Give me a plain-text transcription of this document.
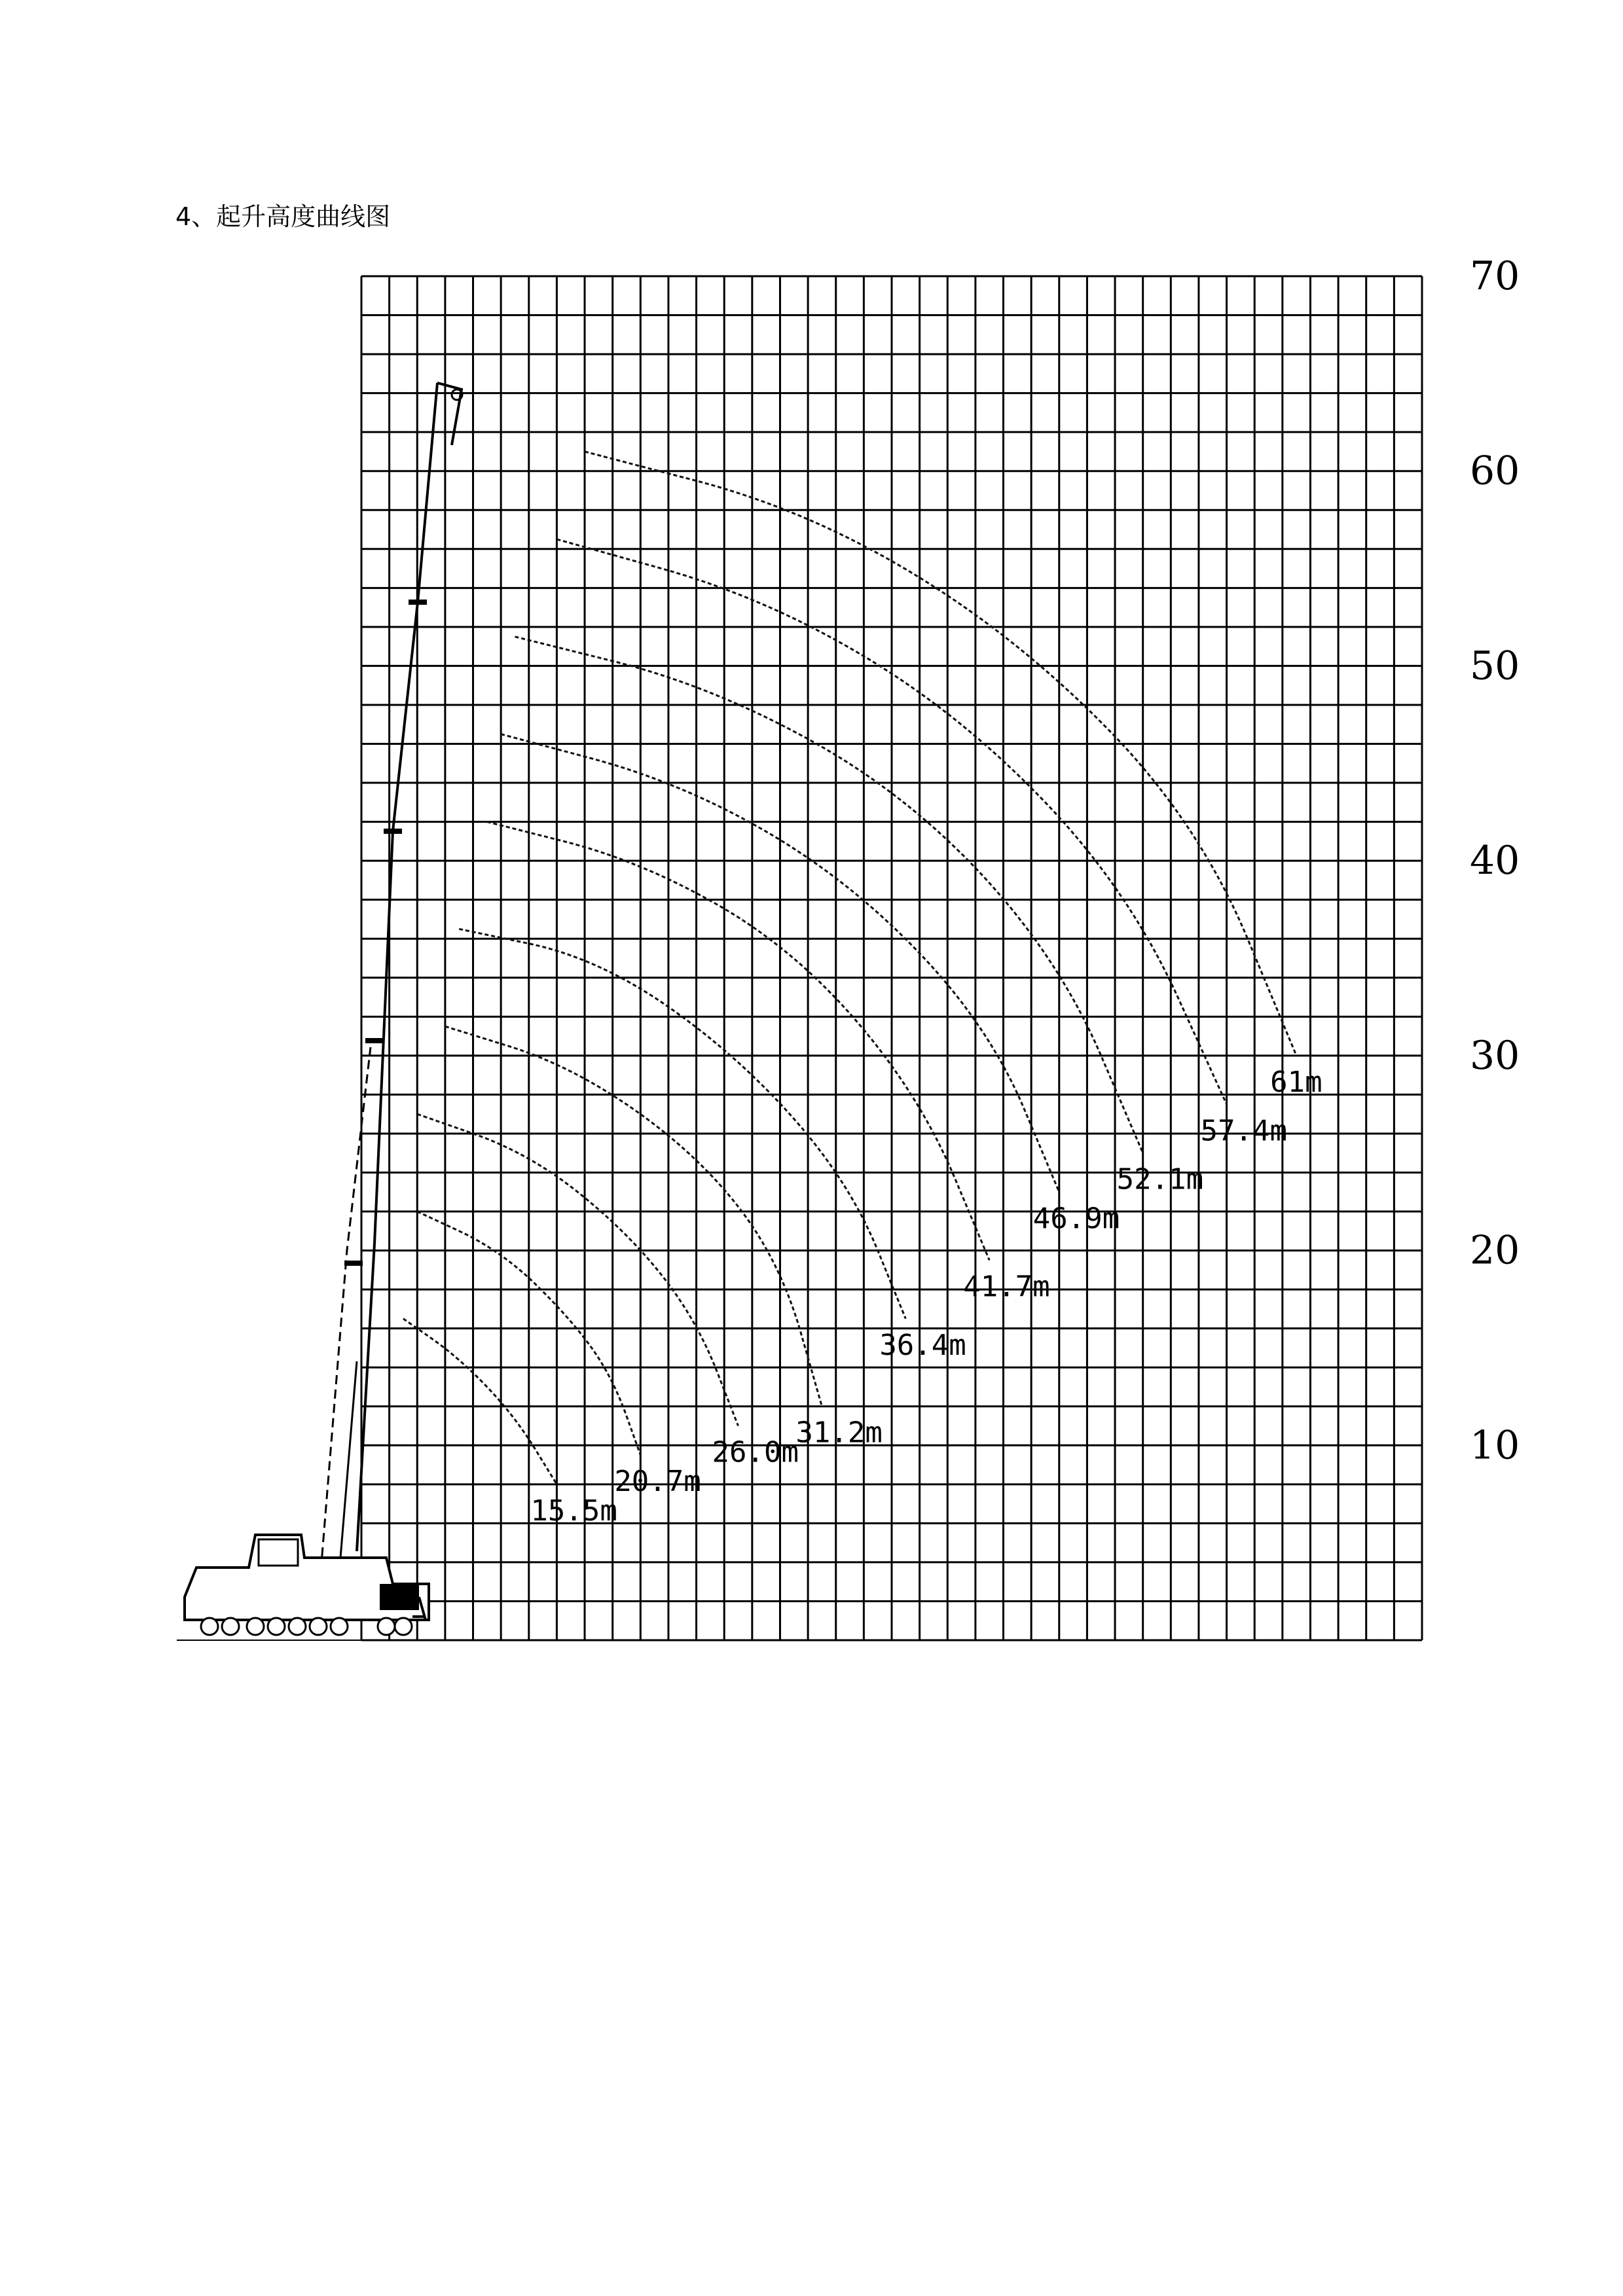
4、起升高度曲线图
70
60
50
40
30
20
10
15.5m
20.7m
26.0m
31.2m
36.4m
41.7m
46.9m
52.1m
57.4m
61m
